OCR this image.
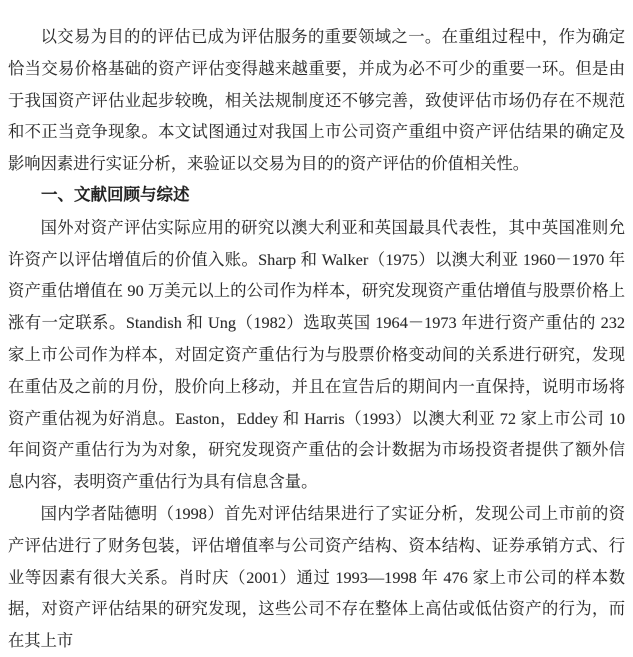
以交易为目的的评估已成为评估服务的重要领域之一。在重组过程中，作为确定恰当交易价格基础的资产评估变得越来越重要，并成为必不可少的重要一环。但是由于我国资产评估业起步较晚，相关法规制度还不够完善，致使评估市场仍存在不规范和不正当竞争现象。本文试图通过对我国上市公司资产重组中资产评估结果的确定及影响因素进行实证分析，来验证以交易为目的的资产评估的价值相关性。

一、文献回顾与综述

国外对资产评估实际应用的研究以澳大利亚和英国最具代表性，其中英国准则允许资产以评估增值后的价值入账。Sharp 和 Walker（1975）以澳大利亚 1960－1970 年资产重估增值在 90 万美元以上的公司作为样本，研究发现资产重估增值与股票价格上涨有一定联系。Standish 和 Ung（1982）选取英国 1964－1973 年进行资产重估的 232 家上市公司作为样本，对固定资产重估行为与股票价格变动间的关系进行研究，发现在重估及之前的月份，股价向上移动，并且在宣告后的期间内一直保持，说明市场将资产重估视为好消息。Easton，Eddey 和 Harris（1993）以澳大利亚 72 家上市公司 10 年间资产重估行为为对象，研究发现资产重估的会计数据为市场投资者提供了额外信息内容，表明资产重估行为具有信息含量。

国内学者陆德明（1998）首先对评估结果进行了实证分析，发现公司上市前的资产评估进行了财务包装，评估增值率与公司资产结构、资本结构、证券承销方式、行业等因素有很大关系。肖时庆（2001）通过 1993—1998 年 476 家上市公司的样本数据，对资产评估结果的研究发现，这些公司不存在整体上高估或低估资产的行为，而在其上市
